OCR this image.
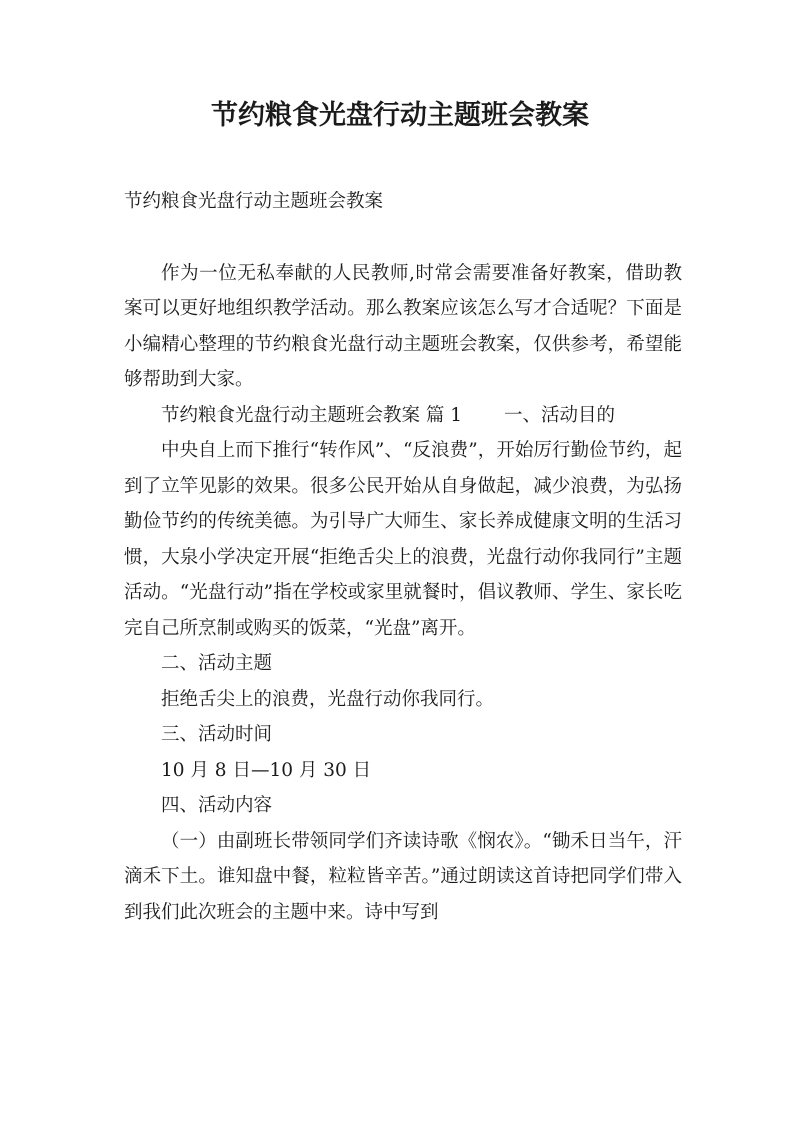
节约粮食光盘行动主题班会教案

节约粮食光盘行动主题班会教案

作为一位无私奉献的人民教师,时常会需要准备好教案，借助教案可以更好地组织教学活动。那么教案应该怎么写才合适呢？下面是小编精心整理的节约粮食光盘行动主题班会教案，仅供参考，希望能够帮助到大家。

节约粮食光盘行动主题班会教案 篇 1 一、活动目的

中央自上而下推行“转作风”、“反浪费”，开始厉行勤俭节约，起到了立竿见影的效果。很多公民开始从自身做起，减少浪费，为弘扬勤俭节约的传统美德。为引导广大师生、家长养成健康文明的生活习惯，大泉小学决定开展“拒绝舌尖上的浪费，光盘行动你我同行”主题活动。“光盘行动”指在学校或家里就餐时，倡议教师、学生、家长吃完自己所烹制或购买的饭菜，“光盘”离开。

二、活动主题

拒绝舌尖上的浪费，光盘行动你我同行。

三、活动时间

10 月 8 日—10 月 30 日

四、活动内容

（一）由副班长带领同学们齐读诗歌《悯农》。“锄禾日当午，汗滴禾下土。谁知盘中餐，粒粒皆辛苦。”通过朗读这首诗把同学们带入到我们此次班会的主题中来。诗中写到
